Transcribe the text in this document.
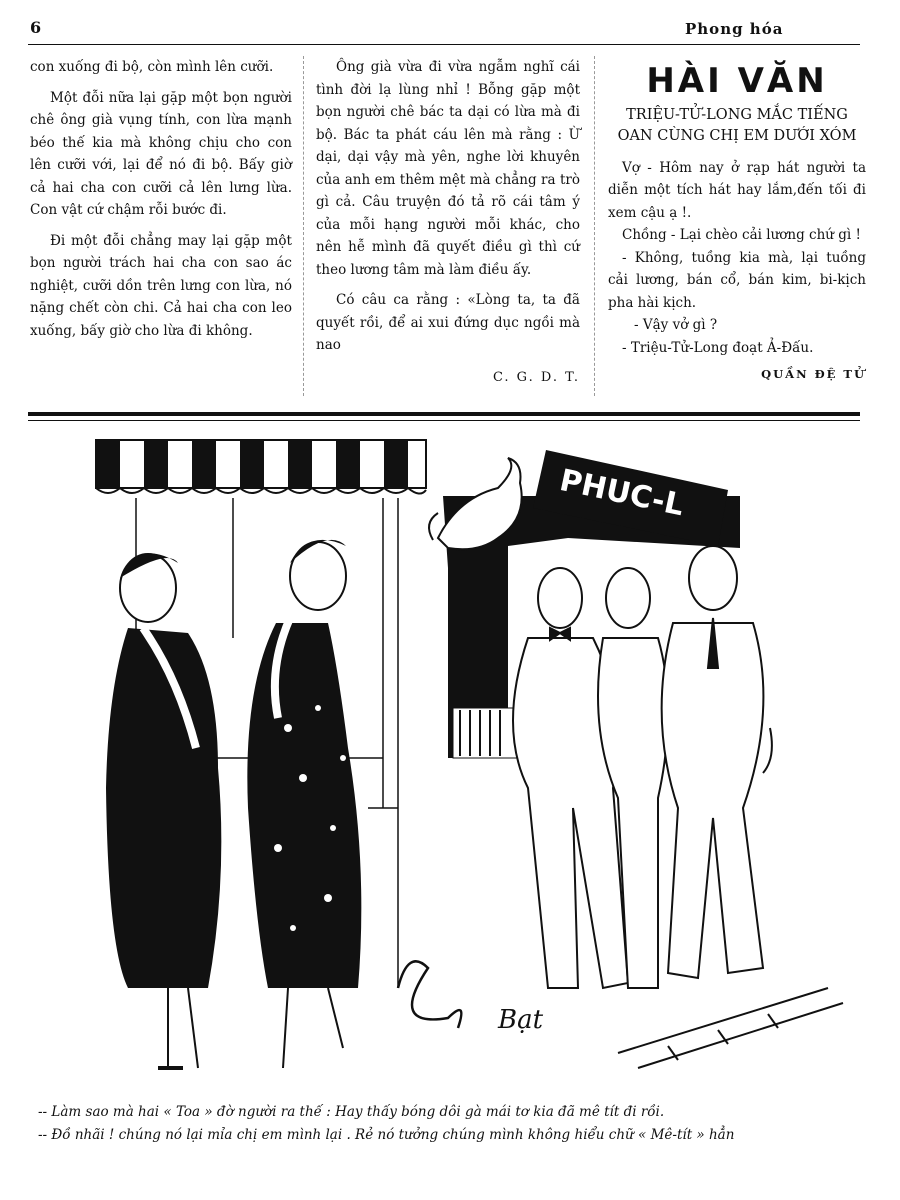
6	Phong hóa

con xuống đi bộ, còn mình lên cưỡi.

Một đỗi nữa lại gặp một bọn người chê ông già vụng tính, con lừa mạnh béo thế kia mà không chịu cho con lên cưỡi với, lại để nó đi bộ. Bấy giờ cả hai cha con cưỡi cả lên lưng lừa. Con vật cứ chậm rỗi bước đi.

Đi một đỗi chẳng may lại gặp một bọn người trách hai cha con sao ác nghiệt, cưỡi dồn trên lưng con lừa, nó nặng chết còn chi. Cả hai cha con leo xuống, bấy giờ cho lừa đi không.

Ông già vừa đi vừa ngẫm nghĩ cái tình đời lạ lùng nhỉ ! Bỗng gặp một bọn người chê bác ta dại có lừa mà đi bộ. Bác ta phát cáu lên mà rằng : Ừ dại, dại vậy mà yên, nghe lời khuyên của anh em thêm mệt mà chẳng ra trò gì cả. Câu truyện đó tả rõ cái tâm ý của mỗi hạng người mỗi khác, cho nên hễ mình đã quyết điều gì thì cứ theo lương tâm mà làm điều ấy.

Có câu ca rằng : «Lòng ta, ta đã quyết rồi, để ai xui đứng dục ngồi mà nao

C. G. D. T.
HÀI VĂN
TRIỆU-TỬ-LONG MẮC TIẾNG OAN CÙNG CHỊ EM DƯỚI XÓM

Vợ - Hôm nay ở rạp hát người ta diễn một tích hát hay lắm,đến tối đi xem cậu ạ !.

Chồng - Lại chèo cải lương chứ gì !

- Không, tuồng kia mà, lại tuồng cải lương, bán cổ, bán kim, bi-kịch pha hài kịch.

- Vậy vở gì ?

- Triệu-Tử-Long đoạt Ả-Đấu.

QUẦN ĐỆ TỬ
PHUC-L
Bạt
-- Làm sao mà hai « Toa » đờ người ra thế : Hay thấy bóng dôi gà mái tơ kia đã mê tít đi rồi.
-- Đồ nhãi ! chúng nó lại mỉa chị em mình lại . Rẻ nó tưởng chúng mình không hiểu chữ « Mê-tít » hẳn
